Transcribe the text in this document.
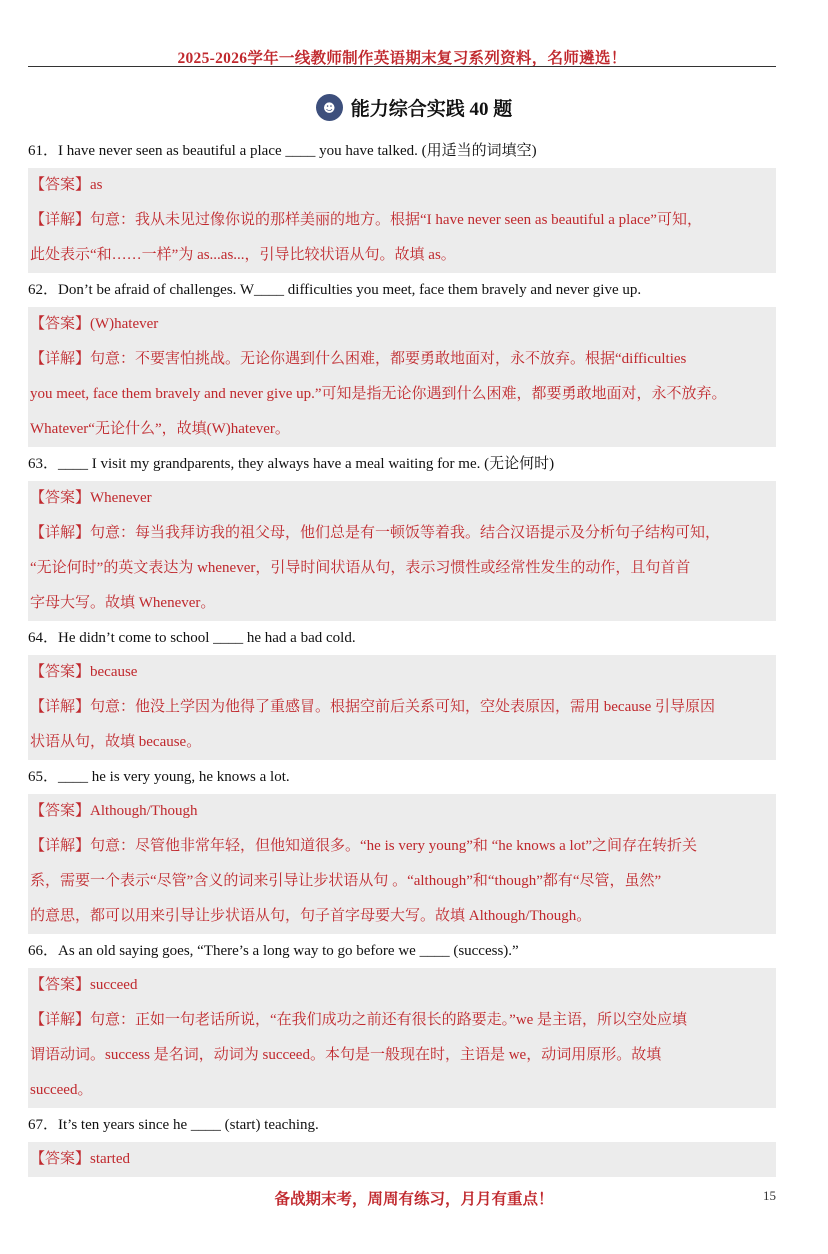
2025-2026学年一线教师制作英语期末复习系列资料，名师遴选！
☻ 能力综合实践 40 题
61．I have never seen as beautiful a place ____ you have talked. (用适当的词填空)
【答案】as
【详解】句意：我从未见过像你说的那样美丽的地方。根据“I have never seen as beautiful a place”可知，
此处表示“和……一样”为 as...as...，引导比较状语从句。故填 as。
62．Don’t be afraid of challenges. W____ difficulties you meet, face them bravely and never give up.
【答案】(W)hatever
【详解】句意：不要害怕挑战。无论你遇到什么困难，都要勇敢地面对，永不放弃。根据“difficulties
you meet, face them bravely and never give up.”可知是指无论你遇到什么困难，都要勇敢地面对，永不放弃。
Whatever“无论什么”，故填(W)hatever。
63．____ I visit my grandparents, they always have a meal waiting for me. (无论何时)
【答案】Whenever
【详解】句意：每当我拜访我的祖父母，他们总是有一顿饭等着我。结合汉语提示及分析句子结构可知，
“无论何时”的英文表达为 whenever，引导时间状语从句，表示习惯性或经常性发生的动作，且句首首
字母大写。故填 Whenever。
64．He didn’t come to school ____ he had a bad cold.
【答案】because
【详解】句意：他没上学因为他得了重感冒。根据空前后关系可知，空处表原因，需用 because 引导原因
状语从句，故填 because。
65．____ he is very young, he knows a lot.
【答案】Although/Though
【详解】句意：尽管他非常年轻，但他知道很多。“he is very young”和 “he knows a lot”之间存在转折关
系，需要一个表示“尽管”含义的词来引导让步状语从句 。“although”和“though”都有“尽管，虽然”
的意思，都可以用来引导让步状语从句，句子首字母要大写。故填 Although/Though。
66．As an old saying goes, “There’s a long way to go before we ____ (success).”
【答案】succeed
【详解】句意：正如一句老话所说，“在我们成功之前还有很长的路要走。”we 是主语，所以空处应填
谓语动词。success 是名词，动词为 succeed。本句是一般现在时，主语是 we，动词用原形。故填
succeed。
67．It’s ten years since he ____ (start) teaching.
【答案】started
备战期末考，周周有练习，月月有重点！	15
